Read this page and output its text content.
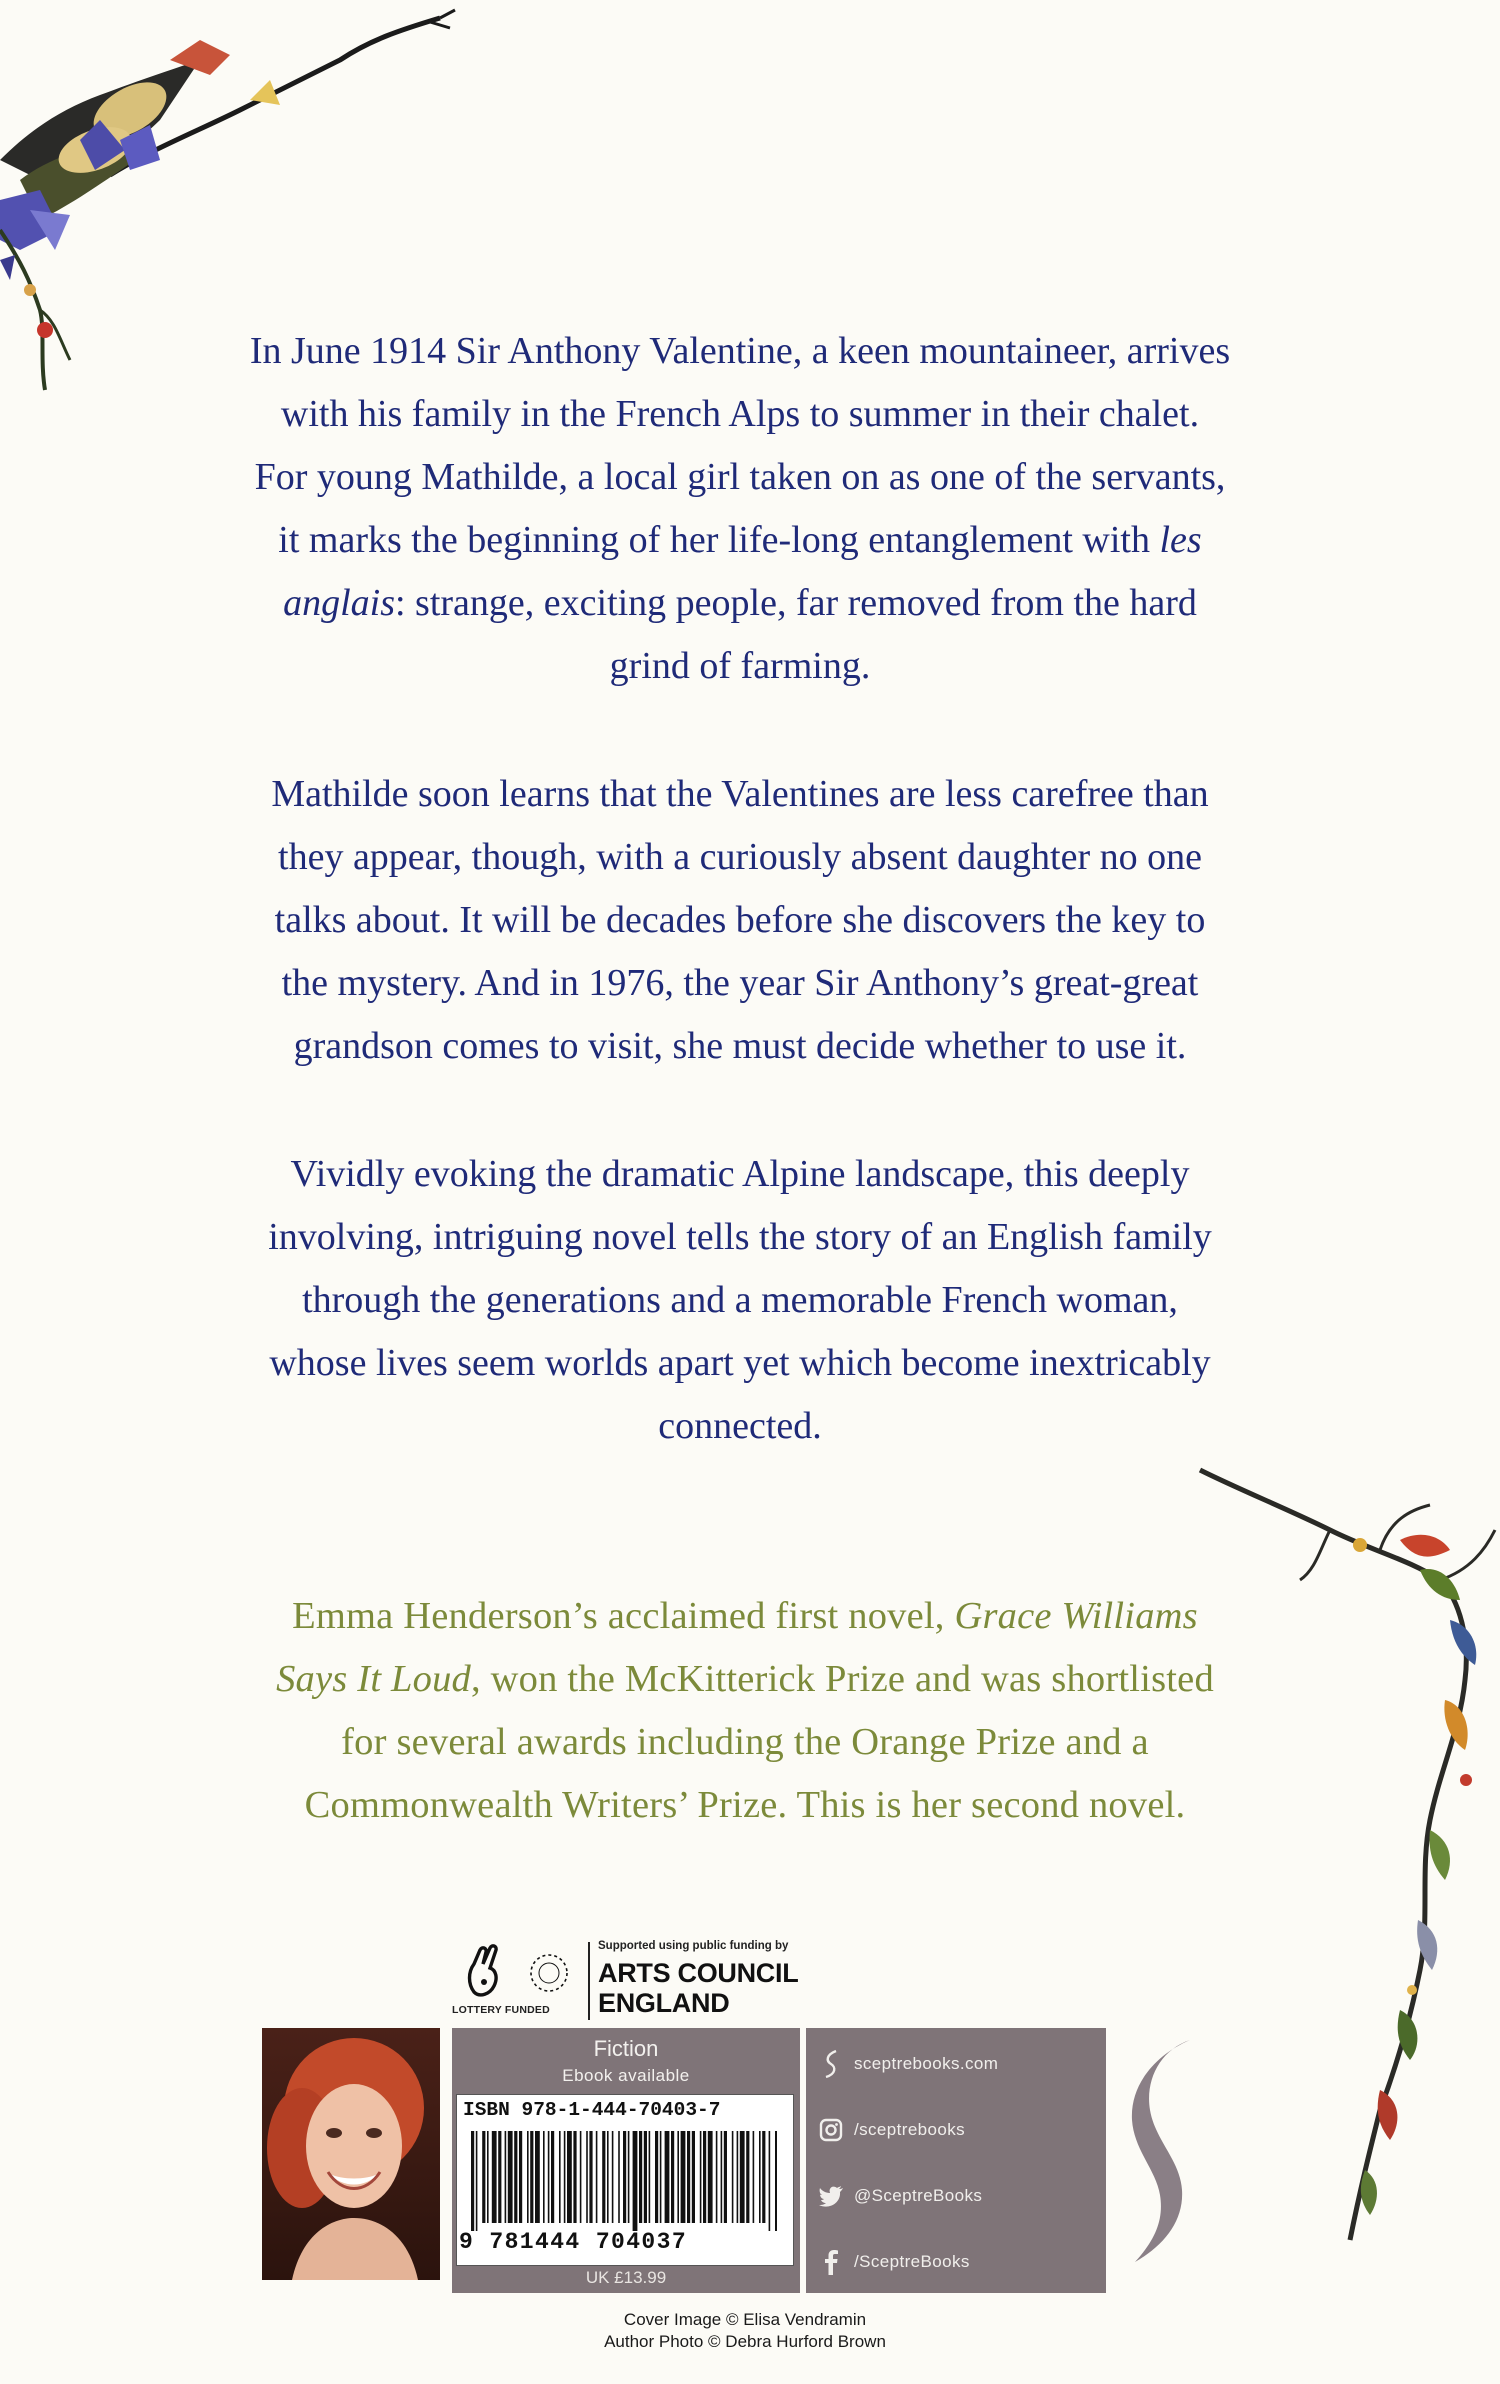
In June 1914 Sir Anthony Valentine, a keen mountaineer, arrives
with his family in the French Alps to summer in their chalet.
For young Mathilde, a local girl taken on as one of the servants,
it marks the beginning of her life-long entanglement with les
anglais: strange, exciting people, far removed from the hard
grind of farming.

Mathilde soon learns that the Valentines are less carefree than
they appear, though, with a curiously absent daughter no one
talks about. It will be decades before she discovers the key to
the mystery. And in 1976, the year Sir Anthony’s great-great
grandson comes to visit, she must decide whether to use it.

Vividly evoking the dramatic Alpine landscape, this deeply
involving, intriguing novel tells the story of an English family
through the generations and a memorable French woman,
whose lives seem worlds apart yet which become inextricably
connected.

Emma Henderson’s acclaimed first novel, Grace Williams
Says It Loud, won the McKitterick Prize and was shortlisted
for several awards including the Orange Prize and a
Commonwealth Writers’ Prize. This is her second novel.

LOTTERY FUNDED
Supported using public funding by
ARTS COUNCIL
ENGLAND
Fiction
Ebook available
ISBN 978-1-444-70403-7
9 781444 704037
UK £13.99
sceptrebooks.com
/sceptrebooks
@SceptreBooks
/SceptreBooks
Cover Image © Elisa Vendramin
Author Photo © Debra Hurford Brown
